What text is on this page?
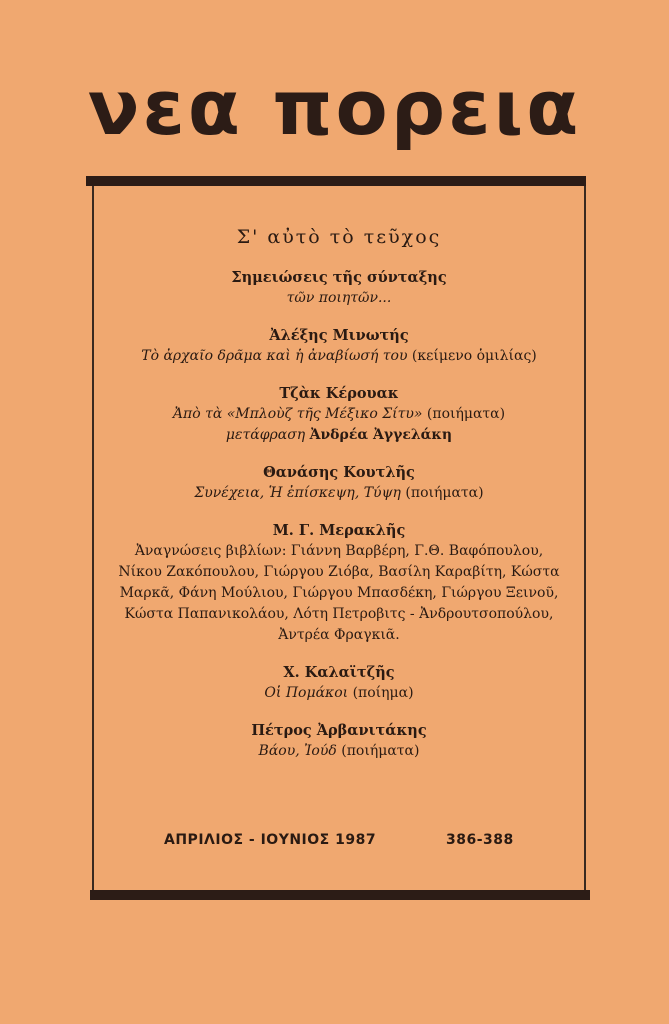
νεα πορεια
Σ' αὐτὸ τὸ τεῦχος
Σημειώσεις τῆς σύνταξης
τῶν ποιητῶν...
Ἀλέξης Μινωτής
Τὸ ἀρχαῖο δρᾶμα καὶ ἡ ἀναβίωσή του (κείμενο ὁμιλίας)
Τζὰκ Κέρουακ
Ἀπὸ τὰ «Μπλοὺζ τῆς Μέξικο Σίτυ» (ποιήματα)
μετάφραση Ἀνδρέα Ἀγγελάκη
Θανάσης Κουτλῆς
Συνέχεια, Ἡ ἐπίσκεψη, Τύψη (ποιήματα)
Μ. Γ. Μερακλῆς
Ἀναγνώσεις βιβλίων: Γιάννη Βαρβέρη, Γ.Θ. Βαφόπουλου,
Νίκου Ζακόπουλου, Γιώργου Ζιόβα, Βασίλη Καραβίτη, Κώστα
Μαρκᾶ, Φάνη Μούλιου, Γιώργου Μπασδέκη, Γιώργου Ξεινοῦ,
Κώστα Παπανικολάου, Λότη Πετροβιτς - Ἀνδρουτσοπούλου,
Ἀντρέα Φραγκιᾶ.
Χ. Καλαϊτζῆς
Οἱ Πομάκοι (ποίημα)
Πέτρος Ἀρβανιτάκης
Βάου, Ἰούδ (ποιήματα)
ΑΠΡΙΛΙΟΣ - ΙΟΥΝΙΟΣ 1987	386-388
